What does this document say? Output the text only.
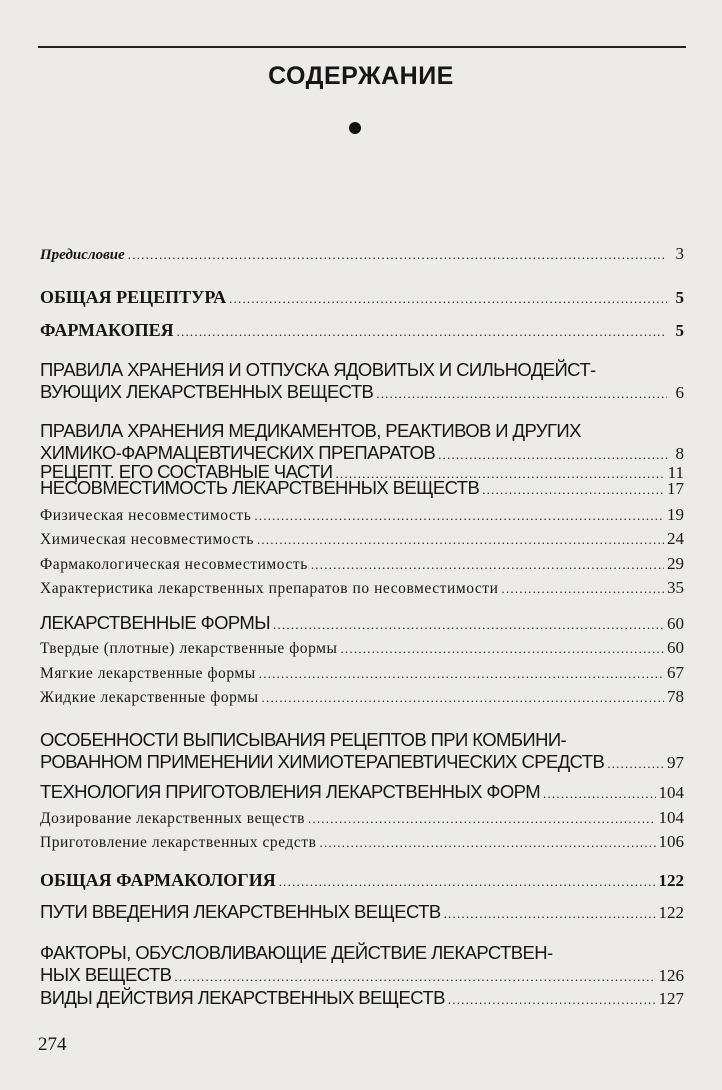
СОДЕРЖАНИЕ
Предисловие .....	3
ОБЩАЯ РЕЦЕПТУРА .....	5
ФАРМАКОПЕЯ .....	5
ПРАВИЛА ХРАНЕНИЯ И ОТПУСКА ЯДОВИТЫХ И СИЛЬНОДЕЙСТ-
ВУЮЩИХ ЛЕКАРСТВЕННЫХ ВЕЩЕСТВ .....	6
ПРАВИЛА ХРАНЕНИЯ МЕДИКАМЕНТОВ, РЕАКТИВОВ И ДРУГИХ
ХИМИКО-ФАРМАЦЕВТИЧЕСКИХ ПРЕПАРАТОВ .....	8
РЕЦЕПТ. ЕГО СОСТАВНЫЕ ЧАСТИ .....	11
НЕСОВМЕСТИМОСТЬ ЛЕКАРСТВЕННЫХ ВЕЩЕСТВ .....	17
Физическая несовместимость .....	19
Химическая несовместимость .....	24
Фармакологическая несовместимость .....	29
Характеристика лекарственных препаратов по несовместимости .....	35
ЛЕКАРСТВЕННЫЕ ФОРМЫ .....	60
Твердые (плотные) лекарственные формы .....	60
Мягкие лекарственные формы .....	67
Жидкие лекарственные формы .....	78
ОСОБЕННОСТИ ВЫПИСЫВАНИЯ РЕЦЕПТОВ ПРИ КОМБИНИ-
РОВАННОМ ПРИМЕНЕНИИ ХИМИОТЕРАПЕВТИЧЕСКИХ СРЕДСТВ .....	97
ТЕХНОЛОГИЯ ПРИГОТОВЛЕНИЯ ЛЕКАРСТВЕННЫХ ФОРМ .....	104
Дозирование лекарственных веществ .....	104
Приготовление лекарственных средств .....	106
ОБЩАЯ ФАРМАКОЛОГИЯ .....	122
ПУТИ ВВЕДЕНИЯ ЛЕКАРСТВЕННЫХ ВЕЩЕСТВ .....	122
ФАКТОРЫ, ОБУСЛОВЛИВАЮЩИЕ ДЕЙСТВИЕ ЛЕКАРСТВЕН-
НЫХ ВЕЩЕСТВ .....	126
ВИДЫ ДЕЙСТВИЯ ЛЕКАРСТВЕННЫХ ВЕЩЕСТВ .....	127
274
